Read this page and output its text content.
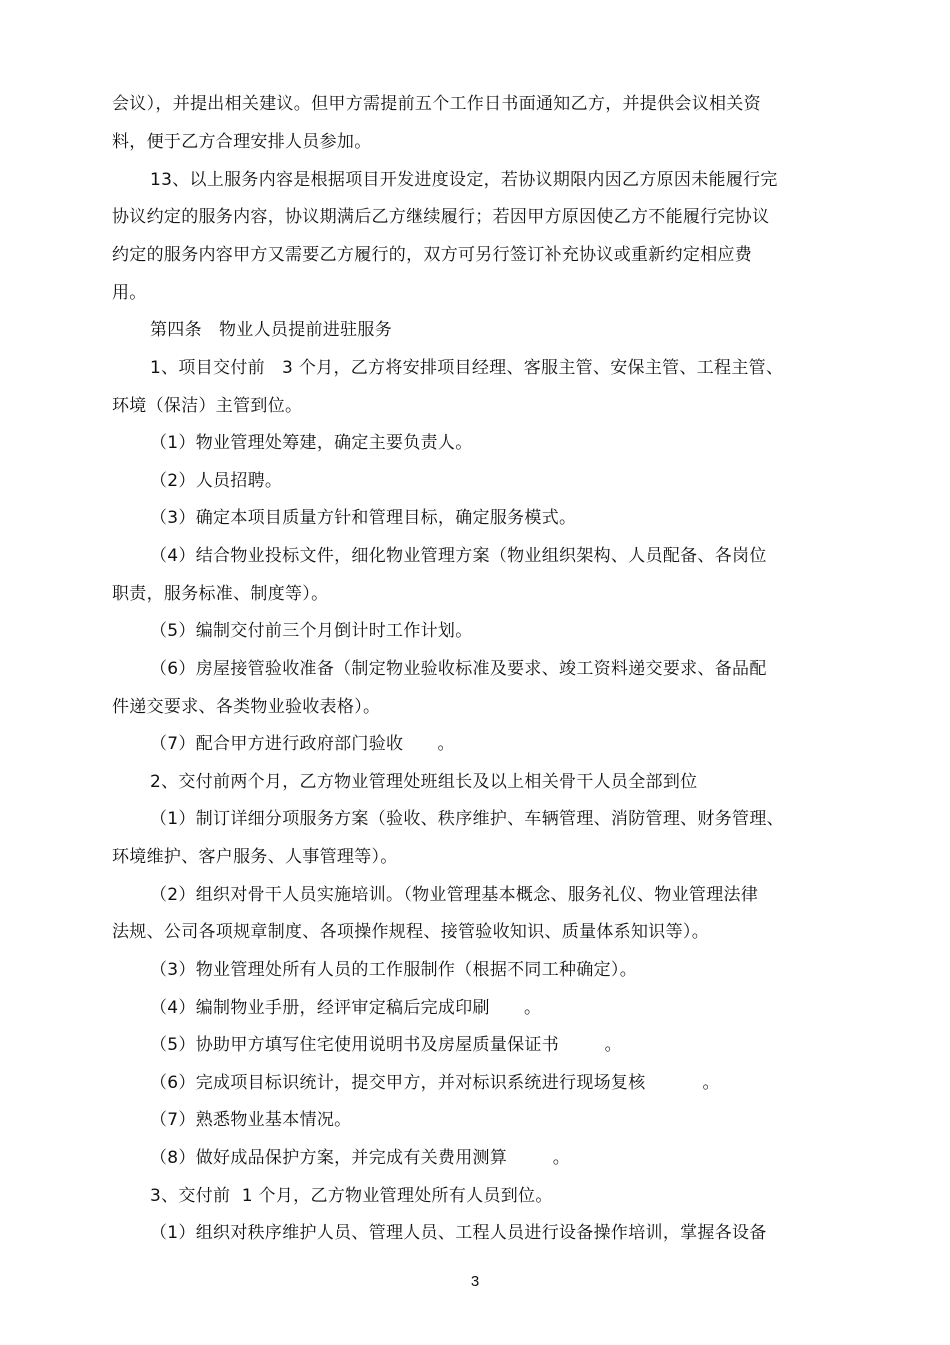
会议），并提出相关建议。但甲方需提前五个工作日书面通知乙方，并提供会议相关资
料，便于乙方合理安排人员参加。
13、以上服务内容是根据项目开发进度设定，若协议期限内因乙方原因未能履行完
协议约定的服务内容，协议期满后乙方继续履行；若因甲方原因使乙方不能履行完协议
约定的服务内容甲方又需要乙方履行的，双方可另行签订补充协议或重新约定相应费
用。
第四条   物业人员提前进驻服务
1、项目交付前   3 个月，乙方将安排项目经理、客服主管、安保主管、工程主管、
环境（保洁）主管到位。
（1）物业管理处筹建，确定主要负责人。
（2）人员招聘。
（3）确定本项目质量方针和管理目标，确定服务模式。
（4）结合物业投标文件，细化物业管理方案（物业组织架构、人员配备、各岗位
职责，服务标准、制度等）。
（5）编制交付前三个月倒计时工作计划。
（6）房屋接管验收准备（制定物业验收标准及要求、竣工资料递交要求、备品配
件递交要求、各类物业验收表格）。
（7）配合甲方进行政府部门验收      。
2、交付前两个月，乙方物业管理处班组长及以上相关骨干人员全部到位
（1）制订详细分项服务方案（验收、秩序维护、车辆管理、消防管理、财务管理、
环境维护、客户服务、人事管理等）。
（2）组织对骨干人员实施培训。（物业管理基本概念、服务礼仪、物业管理法律
法规、公司各项规章制度、各项操作规程、接管验收知识、质量体系知识等）。
（3）物业管理处所有人员的工作服制作（根据不同工种确定）。
（4）编制物业手册，经评审定稿后完成印刷      。
（5）协助甲方填写住宅使用说明书及房屋质量保证书        。
（6）完成项目标识统计，提交甲方，并对标识系统进行现场复核          。
（7）熟悉物业基本情况。
（8）做好成品保护方案，并完成有关费用测算        。
3、交付前  1 个月，乙方物业管理处所有人员到位。
（1）组织对秩序维护人员、管理人员、工程人员进行设备操作培训，掌握各设备
3
